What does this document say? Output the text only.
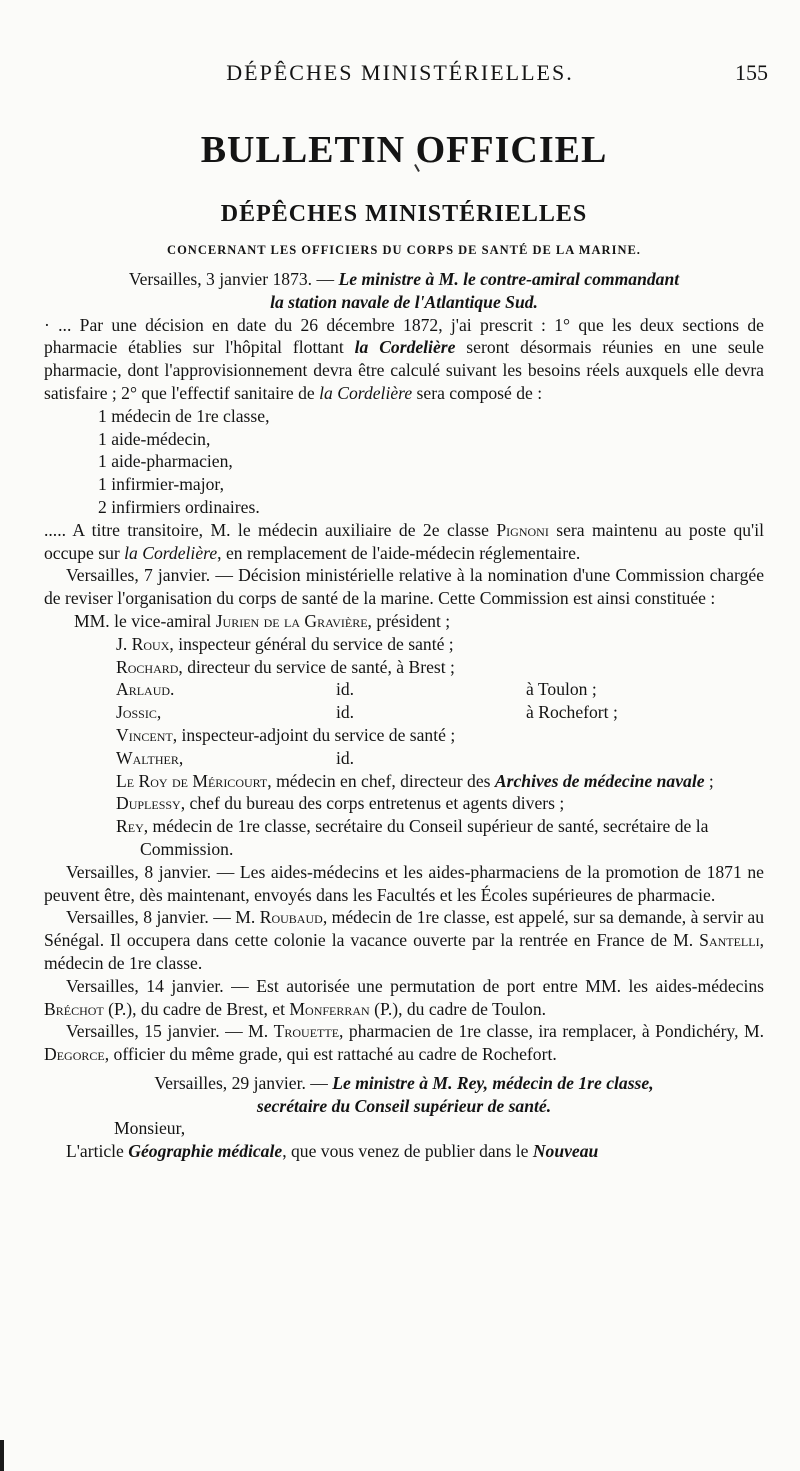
DÉPÊCHES MINISTÉRIELLES.	155
BULLETIN OFFICIEL
DÉPÊCHES MINISTÉRIELLES
CONCERNANT LES OFFICIERS DU CORPS DE SANTÉ DE LA MARINE.

Versailles, 3 janvier 1873. — Le ministre à M. le contre-amiral commandant

la station navale de l'Atlantique Sud.

· ... Par une décision en date du 26 décembre 1872, j'ai prescrit : 1° que les deux sections de pharmacie établies sur l'hôpital flottant la Cordelière seront désormais réunies en une seule pharmacie, dont l'approvisionnement devra être calculé suivant les besoins réels auxquels elle devra satisfaire ; 2° que l'effectif sanitaire de la Cordelière sera composé de :

1 médecin de 1re classe,
1 aide-médecin,
1 aide-pharmacien,
1 infirmier-major,
2 infirmiers ordinaires.

..... A titre transitoire, M. le médecin auxiliaire de 2e classe Pignoni sera maintenu au poste qu'il occupe sur la Cordelière, en remplacement de l'aide-médecin réglementaire.

Versailles, 7 janvier. — Décision ministérielle relative à la nomination d'une Commission chargée de reviser l'organisation du corps de santé de la marine. Cette Commission est ainsi constituée :

MM. le vice-amiral Jurien de la Gravière, président ;
J. Roux, inspecteur général du service de santé ;
Rochard, directeur du service de santé, à Brest ;
Arlaud.	id.	à Toulon ;
Jossic,	id.	à Rochefort ;
Vincent, inspecteur-adjoint du service de santé ;
Walther,	id.
Le Roy de Méricourt, médecin en chef, directeur des Archives de médecine navale ;
Duplessy, chef du bureau des corps entretenus et agents divers ;
Rey, médecin de 1re classe, secrétaire du Conseil supérieur de santé, secrétaire de la Commission.

Versailles, 8 janvier. — Les aides-médecins et les aides-pharmaciens de la promotion de 1871 ne peuvent être, dès maintenant, envoyés dans les Facultés et les Écoles supérieures de pharmacie.

Versailles, 8 janvier. — M. Roubaud, médecin de 1re classe, est appelé, sur sa demande, à servir au Sénégal. Il occupera dans cette colonie la vacance ouverte par la rentrée en France de M. Santelli, médecin de 1re classe.

Versailles, 14 janvier. — Est autorisée une permutation de port entre MM. les aides-médecins Bréchot (P.), du cadre de Brest, et Monferran (P.), du cadre de Toulon.

Versailles, 15 janvier. — M. Trouette, pharmacien de 1re classe, ira remplacer, à Pondichéry, M. Degorce, officier du même grade, qui est rattaché au cadre de Rochefort.

Versailles, 29 janvier. — Le ministre à M. Rey, médecin de 1re classe,

secrétaire du Conseil supérieur de santé.

Monsieur,

L'article Géographie médicale, que vous venez de publier dans le Nouveau
